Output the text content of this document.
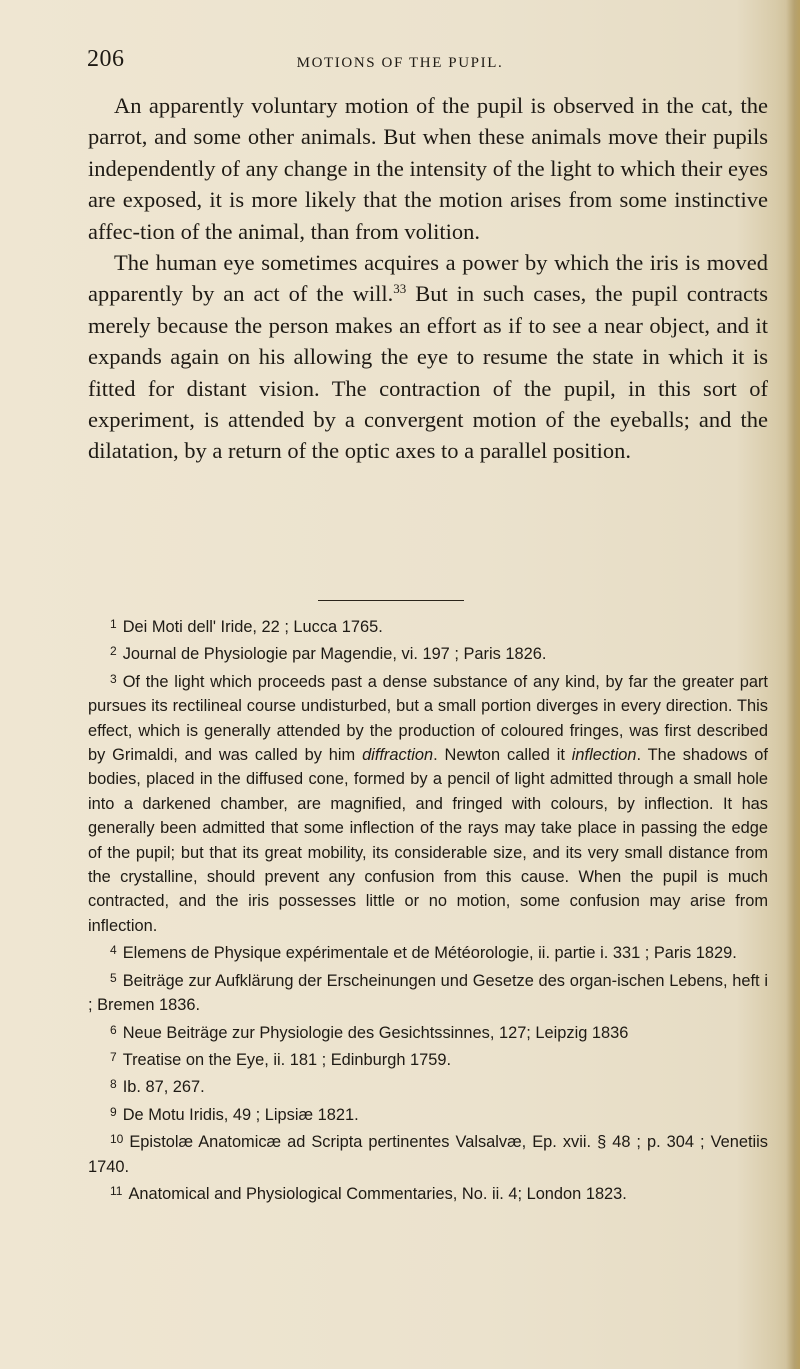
206	MOTIONS OF THE PUPIL.

An apparently voluntary motion of the pupil is observed in the cat, the parrot, and some other animals. But when these animals move their pupils independently of any change in the intensity of the light to which their eyes are exposed, it is more likely that the motion arises from some instinctive affec-tion of the animal, than from volition.

The human eye sometimes acquires a power by which the iris is moved apparently by an act of the will.$^{33}$ But in such cases, the pupil contracts merely because the person makes an effort as if to see a near object, and it expands again on his allowing the eye to resume the state in which it is fitted for distant vision. The contraction of the pupil, in this sort of experiment, is attended by a convergent motion of the eyeballs; and the dilatation, by a return of the optic axes to a parallel position.

$^1$ Dei Moti dell' Iride, 22 ; Lucca 1765.

$^2$ Journal de Physiologie par Magendie, vi. 197 ; Paris 1826.

$^3$ Of the light which proceeds past a dense substance of any kind, by far the greater part pursues its rectilineal course undisturbed, but a small portion diverges in every direction. This effect, which is generally attended by the production of coloured fringes, was first described by Grimaldi, and was called by him diffraction. Newton called it inflection. The shadows of bodies, placed in the diffused cone, formed by a pencil of light admitted through a small hole into a darkened chamber, are magnified, and fringed with colours, by inflection. It has generally been admitted that some inflection of the rays may take place in passing the edge of the pupil; but that its great mobility, its considerable size, and its very small distance from the crystalline, should prevent any confusion from this cause. When the pupil is much contracted, and the iris possesses little or no motion, some confusion may arise from inflection.

$^4$ Elemens de Physique expérimentale et de Météorologie, ii. partie i. 331 ; Paris 1829.

$^5$ Beiträge zur Aufklärung der Erscheinungen und Gesetze des organ-ischen Lebens, heft i ; Bremen 1836.

$^6$ Neue Beiträge zur Physiologie des Gesichtssinnes, 127; Leipzig 1836

$^7$ Treatise on the Eye, ii. 181 ; Edinburgh 1759.

$^8$ Ib. 87, 267.

$^9$ De Motu Iridis, 49 ; Lipsiæ 1821.

$^{10}$ Epistolæ Anatomicæ ad Scripta pertinentes Valsalvæ, Ep. xvii. § 48 ; p. 304 ; Venetiis 1740.

$^{11}$ Anatomical and Physiological Commentaries, No. ii. 4; London 1823.
